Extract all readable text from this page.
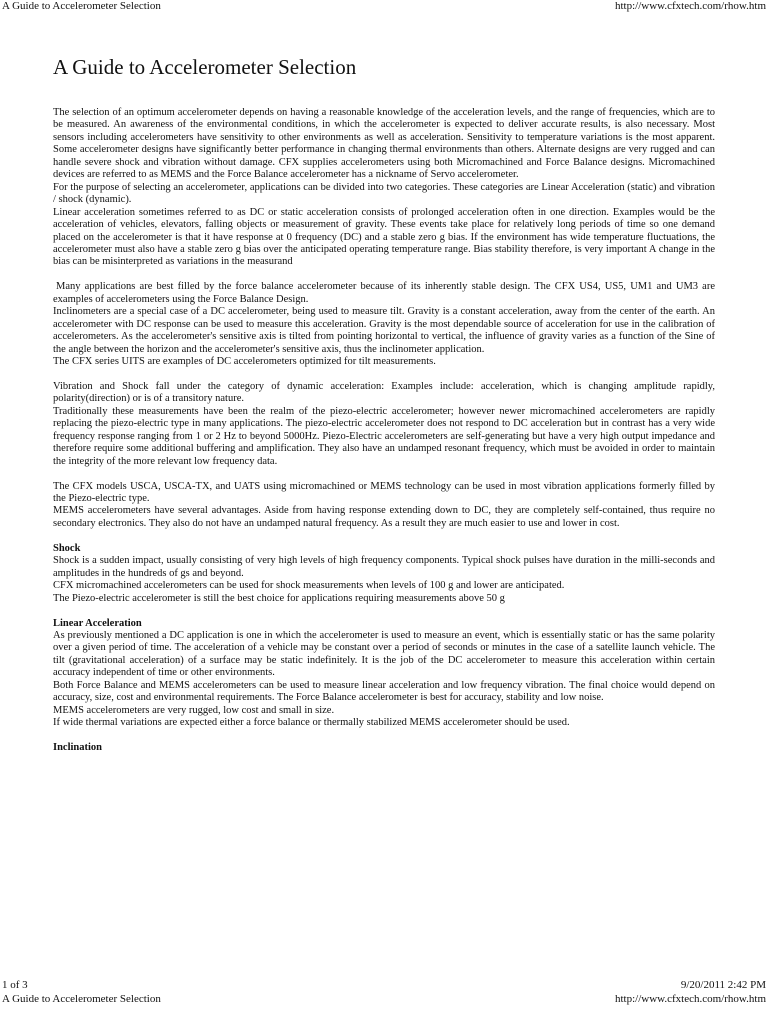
A Guide to Accelerometer Selection	http://www.cfxtech.com/rhow.htm
A Guide to Accelerometer Selection

The selection of an optimum accelerometer depends on having a reasonable knowledge of the acceleration levels, and the range of frequencies, which are to be measured. An awareness of the environmental conditions, in which the accelerometer is expected to deliver accurate results, is also necessary. Most sensors including accelerometers have sensitivity to other environments as well as acceleration. Sensitivity to temperature variations is the most apparent. Some accelerometer designs have significantly better performance in changing thermal environments than others. Alternate designs are very rugged and can handle severe shock and vibration without damage. CFX supplies accelerometers using both Micromachined and Force Balance designs. Micromachined devices are referred to as MEMS and the Force Balance accelerometer has a nickname of Servo accelerometer.

For the purpose of selecting an accelerometer, applications can be divided into two categories. These categories are Linear Acceleration (static) and vibration / shock (dynamic).

Linear acceleration sometimes referred to as DC or static acceleration consists of prolonged acceleration often in one direction. Examples would be the acceleration of vehicles, elevators, falling objects or measurement of gravity. These events take place for relatively long periods of time so one demand placed on the accelerometer is that it have response at 0 frequency (DC) and a stable zero g bias. If the environment has wide temperature fluctuations, the accelerometer must also have a stable zero g bias over the anticipated operating temperature range. Bias stability therefore, is very important A change in the bias can be misinterpreted as variations in the measurand

Many applications are best filled by the force balance accelerometer because of its inherently stable design. The CFX US4, US5, UM1 and UM3 are examples of accelerometers using the Force Balance Design.

Inclinometers are a special case of a DC accelerometer, being used to measure tilt. Gravity is a constant acceleration, away from the center of the earth. An accelerometer with DC response can be used to measure this acceleration. Gravity is the most dependable source of acceleration for use in the calibration of accelerometers. As the accelerometer's sensitive axis is tilted from pointing horizontal to vertical, the influence of gravity varies as a function of the Sine of the angle between the horizon and the accelerometer's sensitive axis, thus the inclinometer application.

The CFX series UITS are examples of DC accelerometers optimized for tilt measurements.

Vibration and Shock fall under the category of dynamic acceleration: Examples include: acceleration, which is changing amplitude rapidly, polarity(direction) or is of a transitory nature.

Traditionally these measurements have been the realm of the piezo-electric accelerometer; however newer micromachined accelerometers are rapidly replacing the piezo-electric type in many applications. The piezo-electric accelerometer does not respond to DC acceleration but in contrast has a very wide frequency response ranging from 1 or 2 Hz to beyond 5000Hz. Piezo-Electric accelerometers are self-generating but have a very high output impedance and therefore require some additional buffering and amplification. They also have an undamped resonant frequency, which must be avoided in order to maintain the integrity of the more relevant low frequency data.

The CFX models USCA, USCA-TX, and UATS using micromachined or MEMS technology can be used in most vibration applications formerly filled by the Piezo-electric type.

MEMS accelerometers have several advantages. Aside from having response extending down to DC, they are completely self-contained, thus require no secondary electronics. They also do not have an undamped natural frequency. As a result they are much easier to use and lower in cost.

Shock

Shock is a sudden impact, usually consisting of very high levels of high frequency components. Typical shock pulses have duration in the milli-seconds and amplitudes in the hundreds of gs and beyond.

CFX micromachined accelerometers can be used for shock measurements when levels of 100 g and lower are anticipated.

The Piezo-electric accelerometer is still the best choice for applications requiring measurements above 50 g

Linear Acceleration

As previously mentioned a DC application is one in which the accelerometer is used to measure an event, which is essentially static or has the same polarity over a given period of time. The acceleration of a vehicle may be constant over a period of seconds or minutes in the case of a satellite launch vehicle. The tilt (gravitational acceleration) of a surface may be static indefinitely. It is the job of the DC accelerometer to measure this acceleration within certain accuracy independent of time or other environments.

Both Force Balance and MEMS accelerometers can be used to measure linear acceleration and low frequency vibration. The final choice would depend on accuracy, size, cost and environmental requirements. The Force Balance accelerometer is best for accuracy, stability and low noise.

MEMS accelerometers are very rugged, low cost and small in size.

If wide thermal variations are expected either a force balance or thermally stabilized MEMS accelerometer should be used.

Inclination

1 of 3	9/20/2011 2:42 PM
A Guide to Accelerometer Selection	http://www.cfxtech.com/rhow.htm
